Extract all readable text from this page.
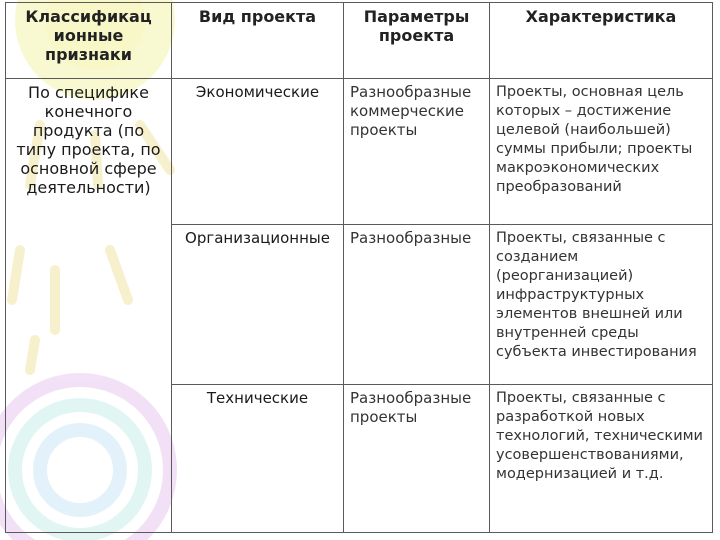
Классификац ионные признаки	Вид проекта	Параметры проекта	Характеристика
По специфике конечного продукта (по типу проекта, по основной сфере деятельности)	Экономические	Разнообразные коммерческие проекты	Проекты, основная цель которых – достижение целевой (наибольшей) суммы прибыли; проекты макроэкономических преобразований
	Организационные	Разнообразные	Проекты, связанные с созданием (реорганизацией) инфраструктурных элементов внешней или внутренней среды субъекта инвестирования
	Технические	Разнообразные проекты	Проекты, связанные с разработкой новых технологий, техническими усовершенствованиями, модернизацией и т.д.
